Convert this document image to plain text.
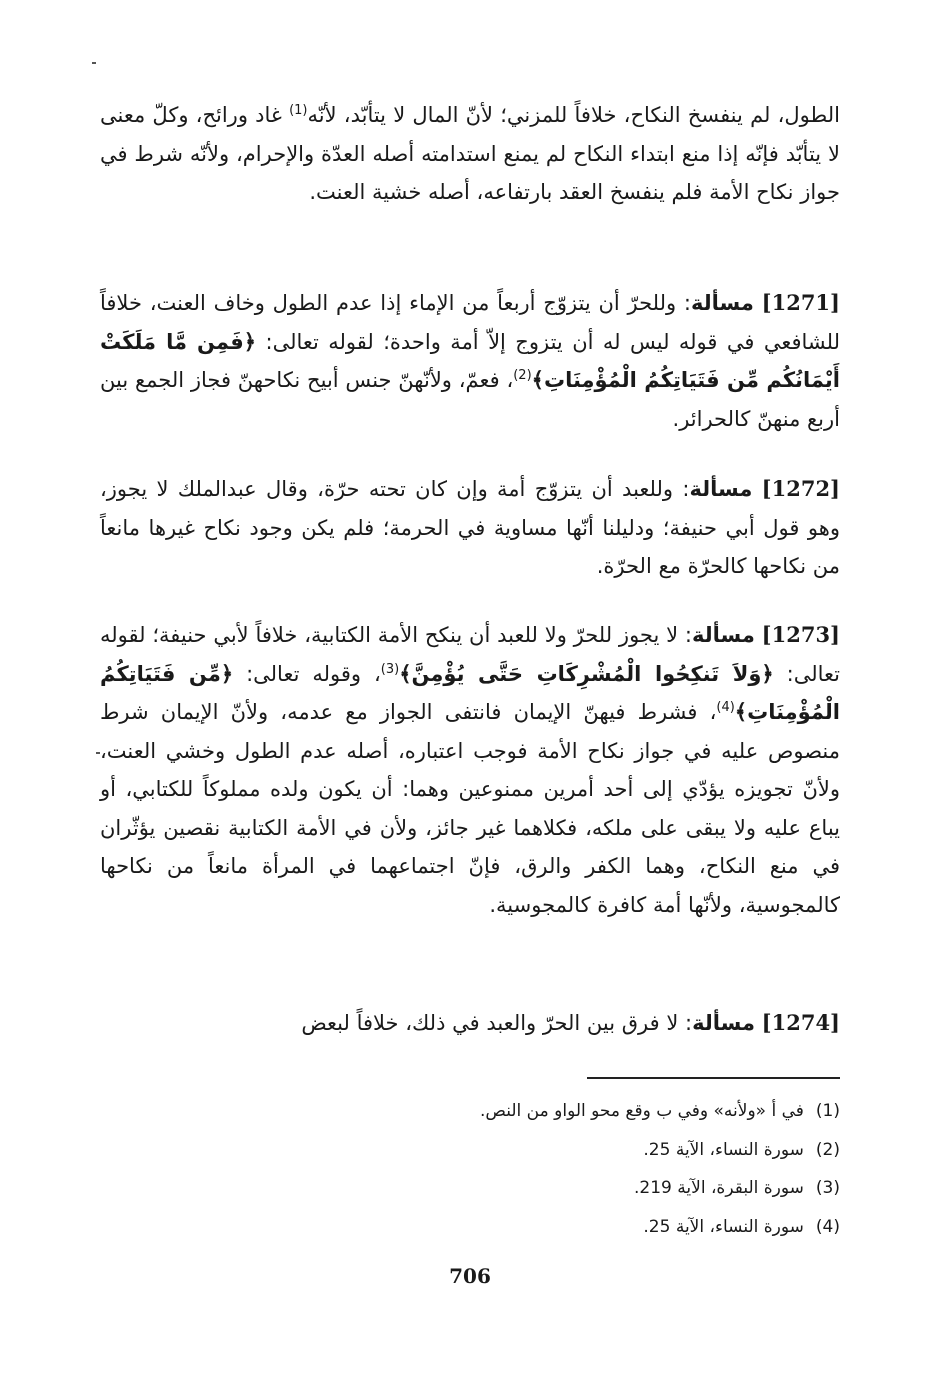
الطول، لم ينفسخ النكاح، خلافاً للمزني؛ لأنّ المال لا يتأبّد، لأنّه$^{(1)}$ غاد ورائح، وكلّ معنى لا يتأبّد فإنّه إذا منع ابتداء النكاح لم يمنع استدامته أصله العدّة والإحرام، ولأنّه شرط في جواز نكاح الأمة فلم ينفسخ العقد بارتفاعه، أصله خشية العنت.
[1271] مسألة: وللحرّ أن يتزوّج أربعاً من الإماء إذا عدم الطول وخاف العنت، خلافاً للشافعي في قوله ليس له أن يتزوج إلاّ أمة واحدة؛ لقوله تعالى: ﴿فَمِن مَّا مَلَكَتْ أَيْمَانُكُم مِّن فَتَيَاتِكُمُ الْمُؤْمِنَاتِ﴾$^{(2)}$، فعمّ، ولأنّهنّ جنس أبيح نكاحهنّ فجاز الجمع بين أربع منهنّ كالحرائر.
[1272] مسألة: وللعبد أن يتزوّج أمة وإن كان تحته حرّة، وقال عبدالملك لا يجوز، وهو قول أبي حنيفة؛ ودليلنا أنّها مساوية في الحرمة؛ فلم يكن وجود نكاح غيرها مانعاً من نكاحها كالحرّة مع الحرّة.
[1273] مسألة: لا يجوز للحرّ ولا للعبد أن ينكح الأمة الكتابية، خلافاً لأبي حنيفة؛ لقوله تعالى: ﴿وَلاَ تَنكِحُوا الْمُشْرِكَاتِ حَتَّى يُؤْمِنَّ﴾$^{(3)}$، وقوله تعالى: ﴿مِّن فَتَيَاتِكُمُ الْمُؤْمِنَاتِ﴾$^{(4)}$، فشرط فيهنّ الإيمان فانتفى الجواز مع عدمه، ولأنّ الإيمان شرط منصوص عليه في جواز نكاح الأمة فوجب اعتباره، أصله عدم الطول وخشي العنت، ولأنّ تجويزه يؤدّي إلى أحد أمرين ممنوعين وهما: أن يكون ولده مملوكاً للكتابي، أو يباع عليه ولا يبقى على ملكه، فكلاهما غير جائز، ولأن في الأمة الكتابية نقصين يؤثّران في منع النكاح، وهما الكفر والرق، فإنّ اجتماعهما في المرأة مانعاً من نكاحها كالمجوسية، ولأنّها أمة كافرة كالمجوسية.
[1274] مسألة: لا فرق بين الحرّ والعبد في ذلك، خلافاً لبعض
(1)في أ «ولأنه» وفي ب وقع محو الواو من النص.
(2)سورة النساء، الآية 25.
(3)سورة البقرة، الآية 219.
(4)سورة النساء، الآية 25.
706
